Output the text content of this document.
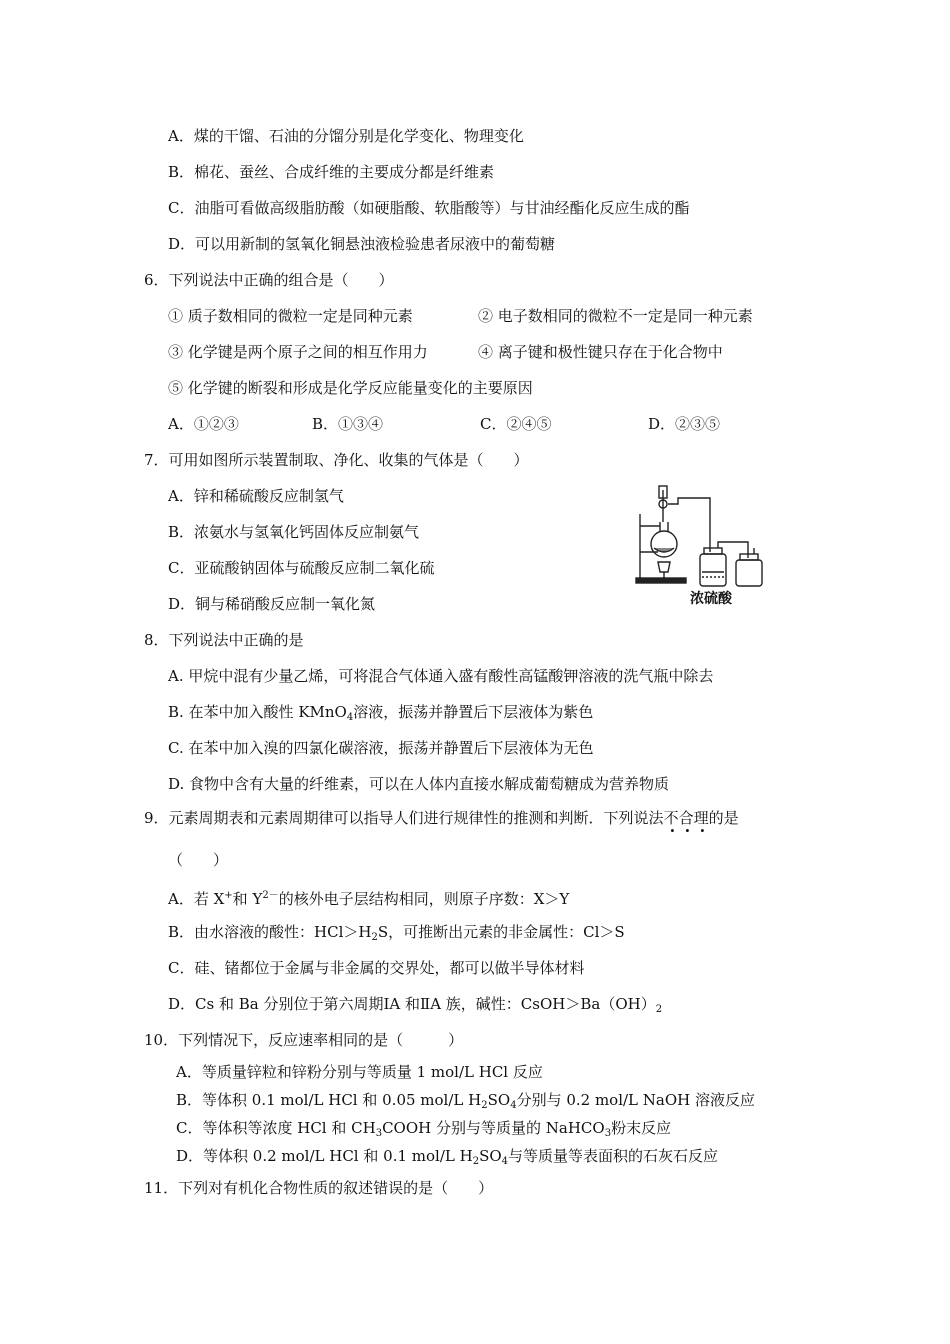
A．煤的干馏、石油的分馏分别是化学变化、物理变化
B．棉花、蚕丝、合成纤维的主要成分都是纤维素
C．油脂可看做高级脂肪酸（如硬脂酸、软脂酸等）与甘油经酯化反应生成的酯
D．可以用新制的氢氧化铜悬浊液检验患者尿液中的葡萄糖
6．下列说法中正确的组合是（　　）
① 质子数相同的微粒一定是同种元素	② 电子数相同的微粒不一定是同一种元素
③ 化学键是两个原子之间的相互作用力	④ 离子键和极性键只存在于化合物中
⑤ 化学键的断裂和形成是化学反应能量变化的主要原因
A．①②③	B．①③④	C．②④⑤	D．②③⑤
7．可用如图所示装置制取、净化、收集的气体是（　　）
A．锌和稀硫酸反应制氢气
B．浓氨水与氢氧化钙固体反应制氨气
C．亚硫酸钠固体与硫酸反应制二氧化硫
D．铜与稀硝酸反应制一氧化氮	浓硫酸
8．下列说法中正确的是
A. 甲烷中混有少量乙烯，可将混合气体通入盛有酸性高锰酸钾溶液的洗气瓶中除去
B. 在苯中加入酸性 KMnO$_4$溶液，振荡并静置后下层液体为紫色
C. 在苯中加入溴的四氯化碳溶液，振荡并静置后下层液体为无色
D. 食物中含有大量的纤维素，可以在人体内直接水解成葡萄糖成为营养物质
9．元素周期表和元素周期律可以指导人们进行规律性的推测和判断．下列说法不合理的是
（　　）
A．若 X+和 $Y^{2-}$的核外电子层结构相同，则原子序数：X＞Y
B．由水溶液的酸性：$HCl>H_2S$，可推断出元素的非金属性：Cl＞S
C．硅、锗都位于金属与非金属的交界处，都可以做半导体材料
D．Cs 和 Ba 分别位于第六周期ⅠA 和ⅡA 族，碱性：$CsOH>Ba(OH)_2$
10．下列情况下，反应速率相同的是（　　　）
A．等质量锌粒和锌粉分别与等质量 1 mol/L HCl 反应
B．等体积 0.1 mol/L HCl 和 0.05 mol/L $H_2SO_4$分别与 0.2 mol/L NaOH 溶液反应
C．等体积等浓度 HCl 和 $CH_3COOH$ 分别与等质量的 NaHCO$_3$粉末反应
D．等体积 0.2 mol/L HCl 和 0.1 mol/L $H_2SO_4$与等质量等表面积的石灰石反应
11．下列对有机化合物性质的叙述错误的是（　　）
